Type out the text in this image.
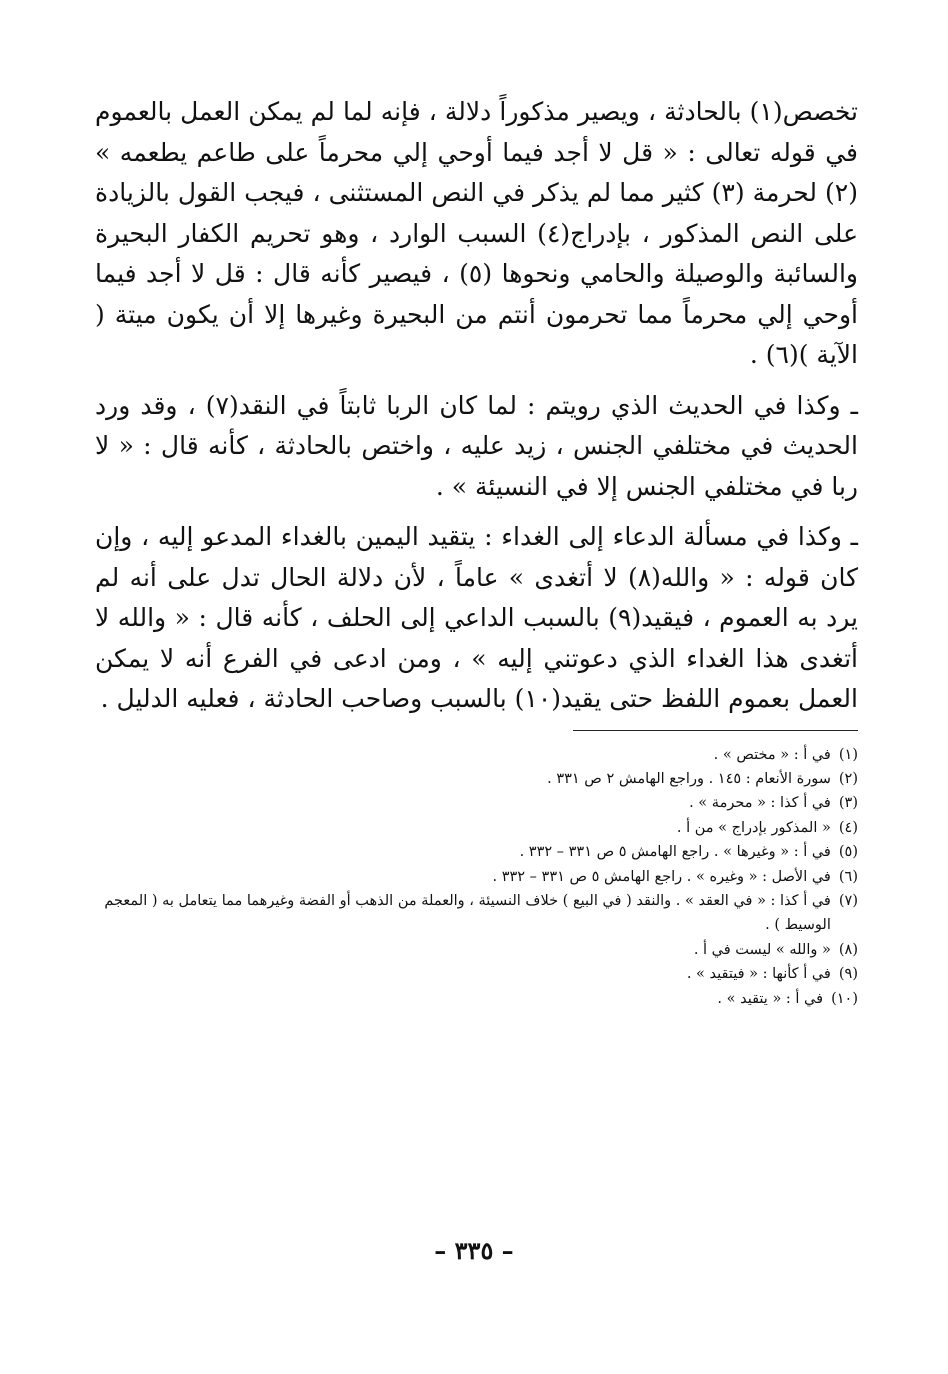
تخصص(١) بالحادثة ، ويصير مذكوراً دلالة ، فإنه لما لم يمكن العمل بالعموم في قوله تعالى : « قل لا أجد فيما أوحي إلي محرماً على طاعم يطعمه » (٢) لحرمة (٣) كثير مما لم يذكر في النص المستثنى ، فيجب القول بالزيادة على النص المذكور ، بإدراج(٤) السبب الوارد ، وهو تحريم الكفار البحيرة والسائبة والوصيلة والحامي ونحوها (٥) ، فيصير كأنه قال : قل لا أجد فيما أوحي إلي محرماً مما تحرمون أنتم من البحيرة وغيرها إلا أن يكون ميتة ( الآية )(٦) .

ـ وكذا في الحديث الذي رويتم : لما كان الربا ثابتاً في النقد(٧) ، وقد ورد الحديث في مختلفي الجنس ، زيد عليه ، واختص بالحادثة ، كأنه قال : « لا ربا في مختلفي الجنس إلا في النسيئة » .

ـ وكذا في مسألة الدعاء إلى الغداء : يتقيد اليمين بالغداء المدعو إليه ، وإن كان قوله : « والله(٨) لا أتغدى » عاماً ، لأن دلالة الحال تدل على أنه لم يرد به العموم ، فيقيد(٩) بالسبب الداعي إلى الحلف ، كأنه قال : « والله لا أتغدى هذا الغداء الذي دعوتني إليه » ، ومن ادعى في الفرع أنه لا يمكن العمل بعموم اللفظ حتى يقيد(١٠) بالسبب وصاحب الحادثة ، فعليه الدليل .

(١)
في أ : « مختص » .
(٢)
سورة الأنعام : ١٤٥ . وراجع الهامش ٢ ص ٣٣١ .
(٣)
في أ كذا : « محرمة » .
(٤)
« المذكور بإدراج » من أ .
(٥)
في أ : « وغيرها » . راجع الهامش ٥ ص ٣٣١ – ٣٣٢ .
(٦)
في الأصل : « وغيره » . راجع الهامش ٥ ص ٣٣١ – ٣٣٢ .
(٧)
في أ كذا : « في العقد » . والنقد ( في البيع ) خلاف النسيئة ، والعملة من الذهب أو الفضة وغيرهما مما يتعامل به ( المعجم الوسيط ) .
(٨)
« والله » ليست في أ .
(٩)
في أ كأنها : « فيتقيد » .
(١٠)
في أ : « يتقيد » .
– ٣٣٥ –
